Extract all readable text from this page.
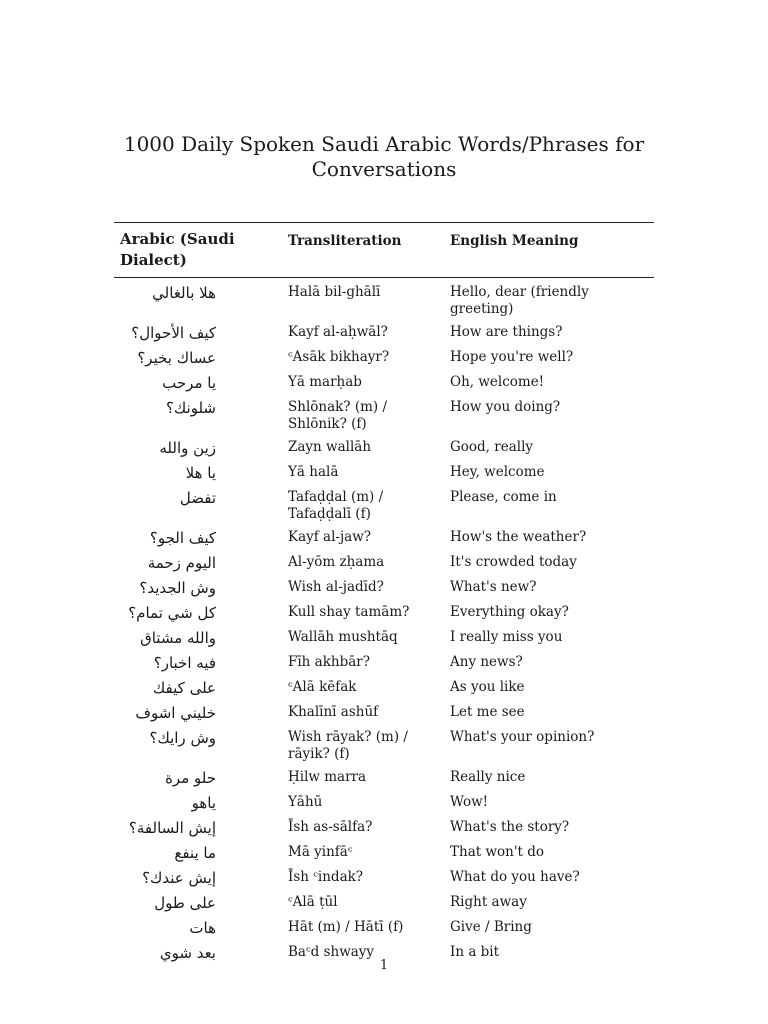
1000 Daily Spoken Saudi Arabic Words/Phrases for Conversations
Arabic (Saudi Dialect)	Transliteration	English Meaning
هلا بالغالي	Halā bil-ghālī	Hello, dear (friendly greeting)
كيف الأحوال؟	Kayf al-aḥwāl?	How are things?
عساك بخير؟	ᶜAsāk bikhayr?	Hope you're well?
يا مرحب	Yā marḥab	Oh, welcome!
شلونك؟	Shlōnak? (m) / Shlōnik? (f)	How you doing?
زين والله	Zayn wallāh	Good, really
يا هلا	Yā halā	Hey, welcome
تفضل	Tafaḍḍal (m) / Tafaḍḍalī (f)	Please, come in
كيف الجو؟	Kayf al-jaw?	How's the weather?
اليوم زحمة	Al-yōm zḥama	It's crowded today
وش الجديد؟	Wish al-jadīd?	What's new?
كل شي تمام؟	Kull shay tamām?	Everything okay?
والله مشتاق	Wallāh mushtāq	I really miss you
فيه اخبار؟	Fīh akhbār?	Any news?
على كيفك	ᶜAlā kēfak	As you like
خليني اشوف	Khalīnī ashūf	Let me see
وش رايك؟	Wish rāyak? (m) / rāyik? (f)	What's your opinion?
حلو مرة	Ḥilw marra	Really nice
ياهو	Yāhū	Wow!
إيش السالفة؟	Īsh as-sālfa?	What's the story?
ما ينفع	Mā yinfāᶜ	That won't do
إيش عندك؟	Īsh ᶜindak?	What do you have?
على طول	ᶜAlā ṭūl	Right away
هات	Hāt (m) / Hātī (f)	Give / Bring
بعد شوي	Baᶜd shwayy	In a bit
1
